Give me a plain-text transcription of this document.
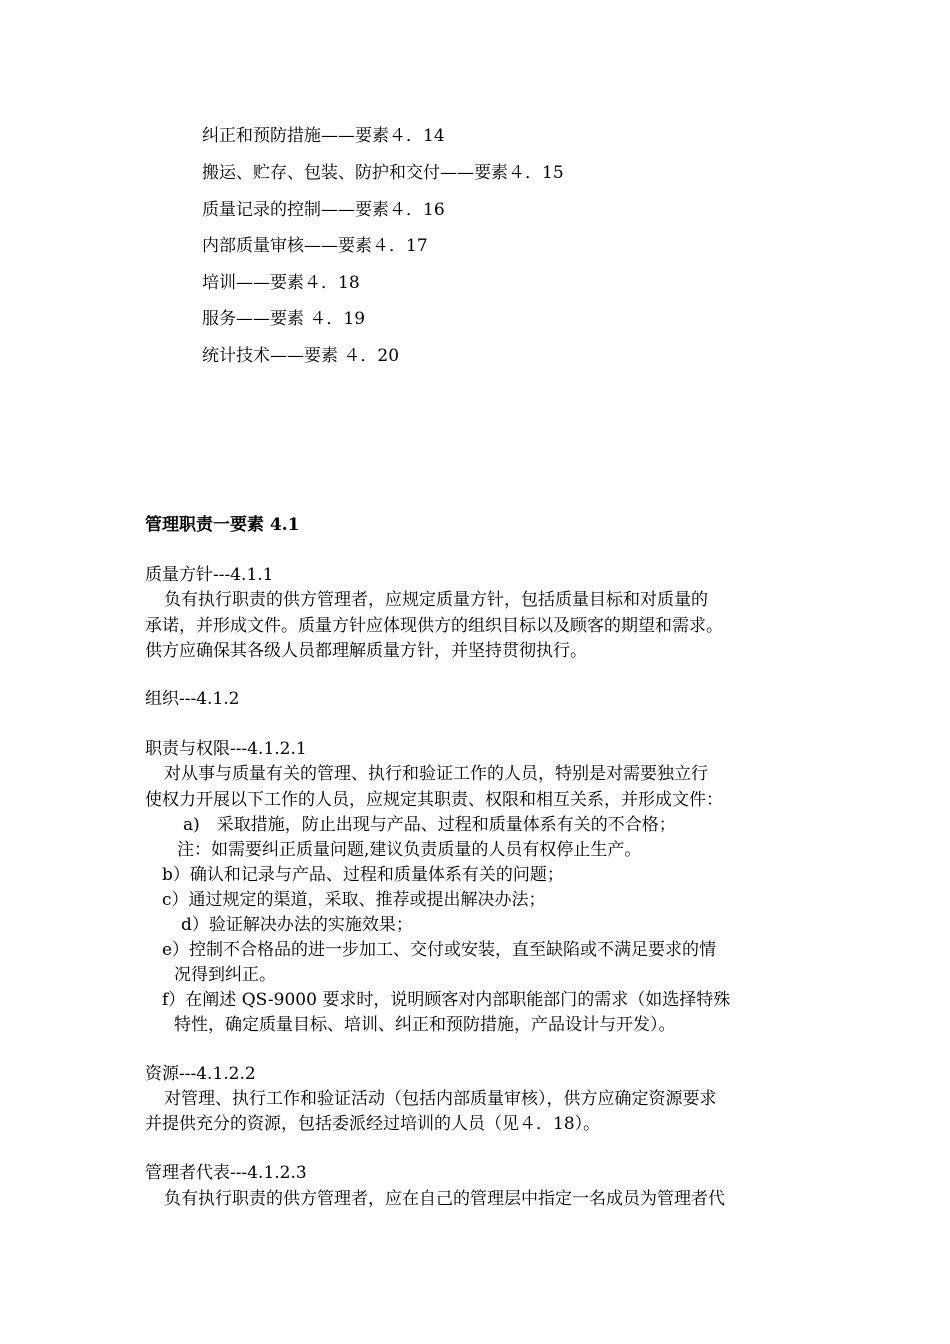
纠正和预防措施——要素４．14
搬运、贮存、包装、防护和交付——要素４．15
质量记录的控制——要素４．16
内部质量审核——要素４．17
培训——要素４．18
服务——要素 ４．19
统计技术——要素 ４．20
管理职责一要素 4.1
质量方针---4.1.1
负有执行职责的供方管理者，应规定质量方针，包括质量目标和对质量的
承诺，并形成文件。质量方针应体现供方的组织目标以及顾客的期望和需求。
供方应确保其各级人员都理解质量方针，并坚持贯彻执行。
组织---4.1.2
职责与权限---4.1.2.1
对从事与质量有关的管理、执行和验证工作的人员，特别是对需要独立行
使权力开展以下工作的人员，应规定其职责、权限和相互关系，并形成文件：
a)　采取措施，防止出现与产品、过程和质量体系有关的不合格；
注：如需要纠正质量问题,建议负责质量的人员有权停止生产。
b）确认和记录与产品、过程和质量体系有关的问题；
c）通过规定的渠道，采取、推荐或提出解决办法；
d）验证解决办法的实施效果；
e）控制不合格品的进一步加工、交付或安装，直至缺陷或不满足要求的情
况得到纠正。
f）在阐述 QS-9000 要求时，说明顾客对内部职能部门的需求（如选择特殊
特性，确定质量目标、培训、纠正和预防措施，产品设计与开发）。
资源---4.1.2.2
对管理、执行工作和验证活动（包括内部质量审核），供方应确定资源要求
并提供充分的资源，包括委派经过培训的人员（见４．18）。
管理者代表---4.1.2.3
负有执行职责的供方管理者，应在自己的管理层中指定一名成员为管理者代
